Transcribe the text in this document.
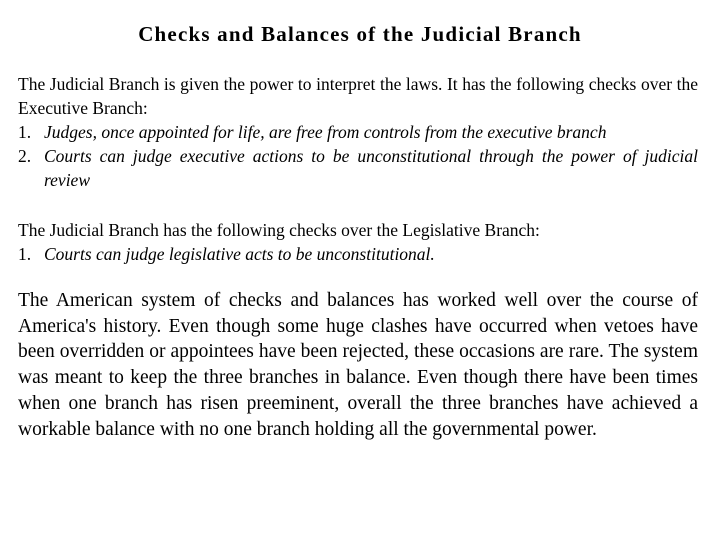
Checks and Balances of the Judicial Branch

The Judicial Branch is given the power to interpret the laws. It has the following checks over the Executive Branch:

1. Judges, once appointed for life, are free from controls from the executive branch
2. Courts can judge executive actions to be unconstitutional through the power of judicial review

The Judicial Branch has the following checks over the Legislative Branch:

1. Courts can judge legislative acts to be unconstitutional.

The American system of checks and balances has worked well over the course of America's history. Even though some huge clashes have occurred when vetoes have been overridden or appointees have been rejected, these occasions are rare. The system was meant to keep the three branches in balance. Even though there have been times when one branch has risen preeminent, overall the three branches have achieved a workable balance with no one branch holding all the governmental power.
